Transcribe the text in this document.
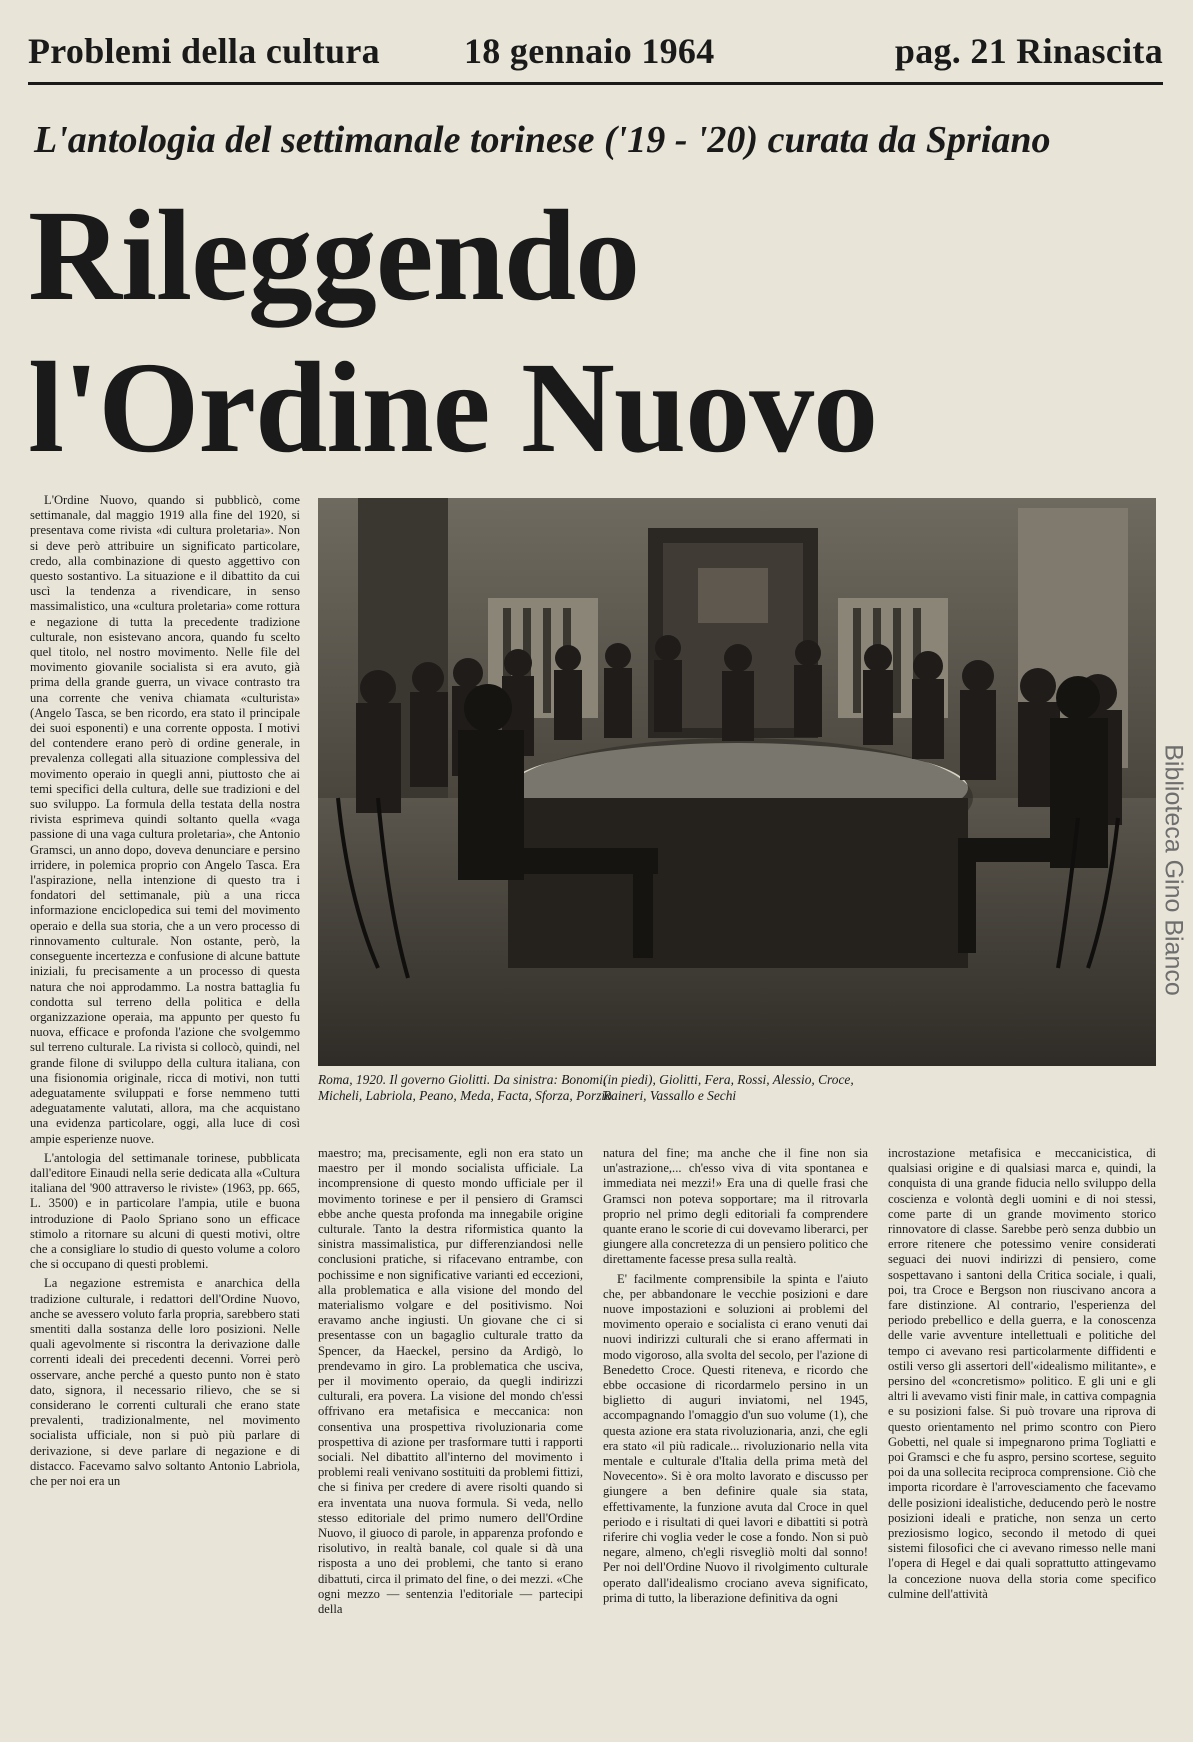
Problemi della cultura 18 gennaio 1964	pag. 21 Rinascita
L'antologia del settimanale torinese ('19 - '20) curata da Spriano
Rileggendo
l'Ordine Nuovo

L'Ordine Nuovo, quando si pubblicò, come settimanale, dal maggio 1919 alla fine del 1920, si presentava come rivista «di cultura proletaria». Non si deve però attribuire un significato particolare, credo, alla combinazione di questo aggettivo con questo sostantivo. La situazione e il dibattito da cui uscì la tendenza a rivendicare, in senso massimalistico, una «cultura proletaria» come rottura e negazione di tutta la precedente tradizione culturale, non esistevano ancora, quando fu scelto quel titolo, nel nostro movimento. Nelle file del movimento giovanile socialista si era avuto, già prima della grande guerra, un vivace contrasto tra una corrente che veniva chiamata «culturista» (Angelo Tasca, se ben ricordo, era stato il principale dei suoi esponenti) e una corrente opposta. I motivi del contendere erano però di ordine generale, in prevalenza collegati alla situazione complessiva del movimento operaio in quegli anni, piuttosto che ai temi specifici della cultura, delle sue tradizioni e del suo sviluppo. La formula della testata della nostra rivista esprimeva quindi soltanto quella «vaga passione di una vaga cultura proletaria», che Antonio Gramsci, un anno dopo, doveva denunciare e persino irridere, in polemica proprio con Angelo Tasca. Era l'aspirazione, nella intenzione di questo tra i fondatori del settimanale, più a una ricca informazione enciclopedica sui temi del movimento operaio e della sua storia, che a un vero processo di rinnovamento culturale. Non ostante, però, la conseguente incertezza e confusione di alcune battute iniziali, fu precisamente a un processo di questa natura che noi approdammo. La nostra battaglia fu condotta sul terreno della politica e della organizzazione operaia, ma appunto per questo fu nuova, efficace e profonda l'azione che svolgemmo sul terreno culturale. La rivista si collocò, quindi, nel grande filone di sviluppo della cultura italiana, con una fisionomia originale, ricca di motivi, non tutti adeguatamente sviluppati e forse nemmeno tutti adeguatamente valutati, allora, ma che acquistano una evidenza particolare, oggi, alla luce di così ampie esperienze nuove.

L'antologia del settimanale torinese, pubblicata dall'editore Einaudi nella serie dedicata alla «Cultura italiana del '900 attraverso le riviste» (1963, pp. 665, L. 3500) e in particolare l'ampia, utile e buona introduzione di Paolo Spriano sono un efficace stimolo a ritornare su alcuni di questi motivi, oltre che a consigliare lo studio di questo volume a coloro che si occupano di questi problemi.

La negazione estremista e anarchica della tradizione culturale, i redattori dell'Ordine Nuovo, anche se avessero voluto farla propria, sarebbero stati smentiti dalla sostanza delle loro posizioni. Nelle quali agevolmente si riscontra la derivazione dalle correnti ideali dei precedenti decenni. Vorrei però osservare, anche perché a questo punto non è stato dato, signora, il necessario rilievo, che se si considerano le correnti culturali che erano state prevalenti, tradizionalmente, nel movimento socialista ufficiale, non si può più parlare di derivazione, si deve parlare di negazione e di distacco. Facevamo salvo soltanto Antonio Labriola, che per noi era un

Roma, 1920. Il governo Giolitti. Da sinistra: Bonomi, Micheli, Labriola, Peano, Meda, Facta, Sforza, Porzio
(in piedi), Giolitti, Fera, Rossi, Alessio, Croce, Raineri, Vassallo e Sechi

maestro; ma, precisamente, egli non era stato un maestro per il mondo socialista ufficiale. La incomprensione di questo mondo ufficiale per il movimento torinese e per il pensiero di Gramsci ebbe anche questa profonda ma innegabile origine culturale. Tanto la destra riformistica quanto la sinistra massimalistica, pur differenziandosi nelle conclusioni pratiche, si rifacevano entrambe, con pochissime e non significative varianti ed eccezioni, alla problematica e alla visione del mondo del materialismo volgare e del positivismo. Noi eravamo anche ingiusti. Un giovane che ci si presentasse con un bagaglio culturale tratto da Spencer, da Haeckel, persino da Ardigò, lo prendevamo in giro. La problematica che usciva, per il movimento operaio, da quegli indirizzi culturali, era povera. La visione del mondo ch'essi offrivano era metafisica e meccanica: non consentiva una prospettiva rivoluzionaria come prospettiva di azione per trasformare tutti i rapporti sociali. Nel dibattito all'interno del movimento i problemi reali venivano sostituiti da problemi fittizi, che si finiva per credere di avere risolti quando si era inventata una nuova formula. Si veda, nello stesso editoriale del primo numero dell'Ordine Nuovo, il giuoco di parole, in apparenza profondo e risolutivo, in realtà banale, col quale si dà una risposta a uno dei problemi, che tanto si erano dibattuti, circa il primato del fine, o dei mezzi. «Che ogni mezzo — sentenzia l'editoriale — partecipi della

natura del fine; ma anche che il fine non sia un'astrazione,... ch'esso viva di vita spontanea e immediata nei mezzi!» Era una di quelle frasi che Gramsci non poteva sopportare; ma il ritrovarla proprio nel primo degli editoriali fa comprendere quante erano le scorie di cui dovevamo liberarci, per giungere alla concretezza di un pensiero politico che direttamente facesse presa sulla realtà.

E' facilmente comprensibile la spinta e l'aiuto che, per abbandonare le vecchie posizioni e dare nuove impostazioni e soluzioni ai problemi del movimento operaio e socialista ci erano venuti dai nuovi indirizzi culturali che si erano affermati in modo vigoroso, alla svolta del secolo, per l'azione di Benedetto Croce. Questi riteneva, e ricordo che ebbe occasione di ricordarmelo persino in un biglietto di auguri inviatomi, nel 1945, accompagnando l'omaggio d'un suo volume (1), che questa azione era stata rivoluzionaria, anzi, che egli era stato «il più radicale... rivoluzionario nella vita mentale e culturale d'Italia della prima metà del Novecento». Si è ora molto lavorato e discusso per giungere a ben definire quale sia stata, effettivamente, la funzione avuta dal Croce in quel periodo e i risultati di quei lavori e dibattiti si potrà riferire chi voglia veder le cose a fondo. Non si può negare, almeno, ch'egli risvegliò molti dal sonno! Per noi dell'Ordine Nuovo il rivolgimento culturale operato dall'idealismo crociano aveva significato, prima di tutto, la liberazione definitiva da ogni

incrostazione metafisica e meccanicistica, di qualsiasi origine e di qualsiasi marca e, quindi, la conquista di una grande fiducia nello sviluppo della coscienza e volontà degli uomini e di noi stessi, come parte di un grande movimento storico rinnovatore di classe. Sarebbe però senza dubbio un errore ritenere che potessimo venire considerati seguaci dei nuovi indirizzi di pensiero, come sospettavano i santoni della Critica sociale, i quali, poi, tra Croce e Bergson non riuscivano ancora a fare distinzione. Al contrario, l'esperienza del periodo prebellico e della guerra, e la conoscenza delle varie avventure intellettuali e politiche del tempo ci avevano resi particolarmente diffidenti e ostili verso gli assertori dell'«idealismo militante», e persino del «concretismo» politico. E gli uni e gli altri li avevamo visti finir male, in cattiva compagnia e su posizioni false. Si può trovare una riprova di questo orientamento nel primo scontro con Piero Gobetti, nel quale si impegnarono prima Togliatti e poi Gramsci e che fu aspro, persino scortese, seguito poi da una sollecita reciproca comprensione. Ciò che importa ricordare è l'arrovesciamento che facevamo delle posizioni idealistiche, deducendo però le nostre posizioni ideali e pratiche, non senza un certo preziosismo logico, secondo il metodo di quei sistemi filosofici che ci avevano rimesso nelle mani l'opera di Hegel e dai quali soprattutto attingevamo la concezione nuova della storia come specifico culmine dell'attività

Biblioteca Gino Bianco
